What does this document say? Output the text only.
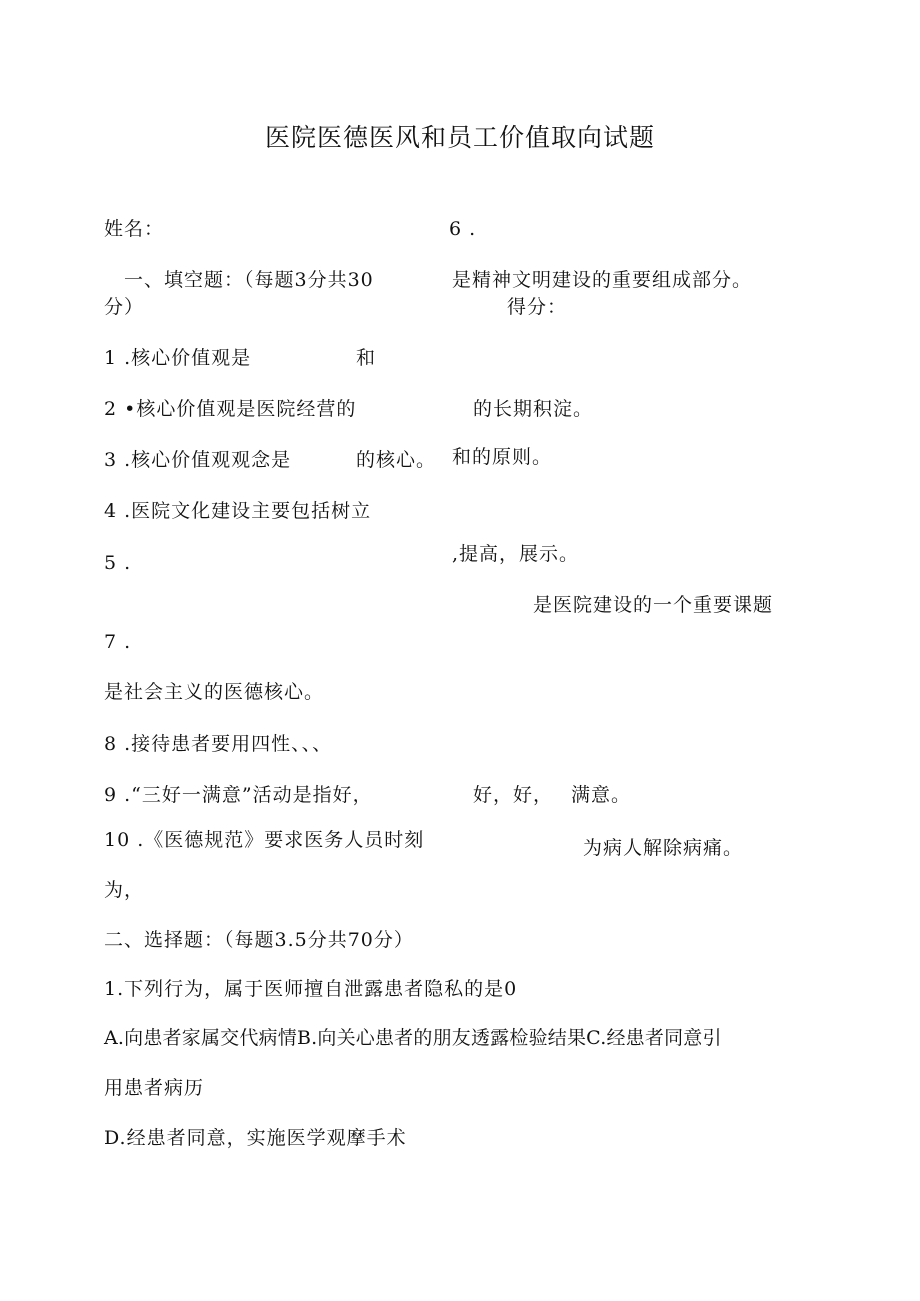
医院医德医风和员工价值取向试题
姓名：	6 .
一、填空题：（每题3分共30	是精神文明建设的重要组成部分。
分）	得分：
1 .核心价值观是	和
2 •核心价值观是医院经营的	的长期积淀。
3 .核心价值观观念是	的核心。 和的原则。
4 .医院文化建设主要包括树立
5 .	,提高，展示。
是医院建设的一个重要课题
7 .
是社会主义的医德核心。
8 .接待患者要用四性、、、
9 .“三好一满意”活动是指好，	好，好， 满意。
10 .《医德规范》要求医务人员时刻	为病人解除病痛。
为，
二、选择题：（每题3.5分共70分）
1.下列行为，属于医师擅自泄露患者隐私的是0
A.向患者家属交代病情B.向关心患者的朋友透露检验结果C.经患者同意引
用患者病历
D.经患者同意，实施医学观摩手术
